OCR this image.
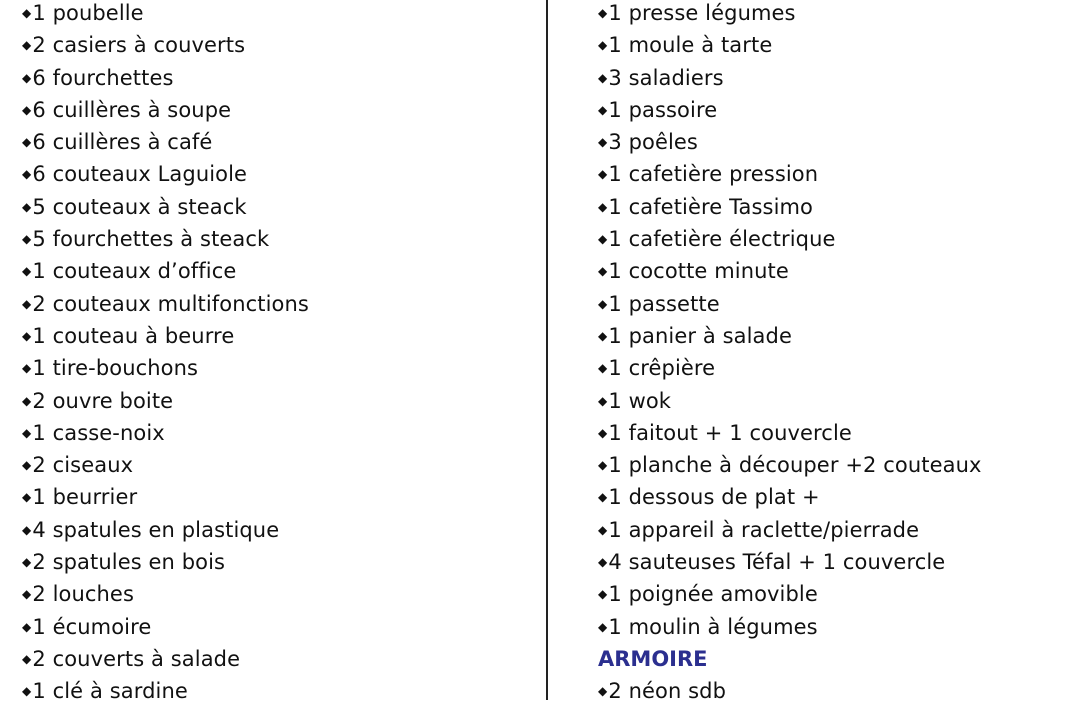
◆1 poubelle
◆2 casiers à couverts
◆6 fourchettes
◆6 cuillères à soupe
◆6 cuillères à café
◆6 couteaux Laguiole
◆5 couteaux à steack
◆5 fourchettes à steack
◆1 couteaux d’office
◆2 couteaux multifonctions
◆1 couteau à beurre
◆1 tire-bouchons
◆2 ouvre boite
◆1 casse-noix
◆2 ciseaux
◆1 beurrier
◆4 spatules en plastique
◆2 spatules en bois
◆2 louches
◆1 écumoire
◆2 couverts à salade
◆1 clé à sardine
◆1 presse légumes
◆1 moule à tarte
◆3 saladiers
◆1 passoire
◆3 poêles
◆1 cafetière pression
◆1 cafetière Tassimo
◆1 cafetière électrique
◆1 cocotte minute
◆1 passette
◆1 panier à salade
◆1 crêpière
◆1 wok
◆1 faitout + 1 couvercle
◆1 planche à découper +2 couteaux
◆1 dessous de plat +
◆1 appareil à raclette/pierrade
◆4 sauteuses Téfal + 1 couvercle
◆1 poignée amovible
◆1 moulin à légumes
ARMOIRE
◆2 néon sdb
